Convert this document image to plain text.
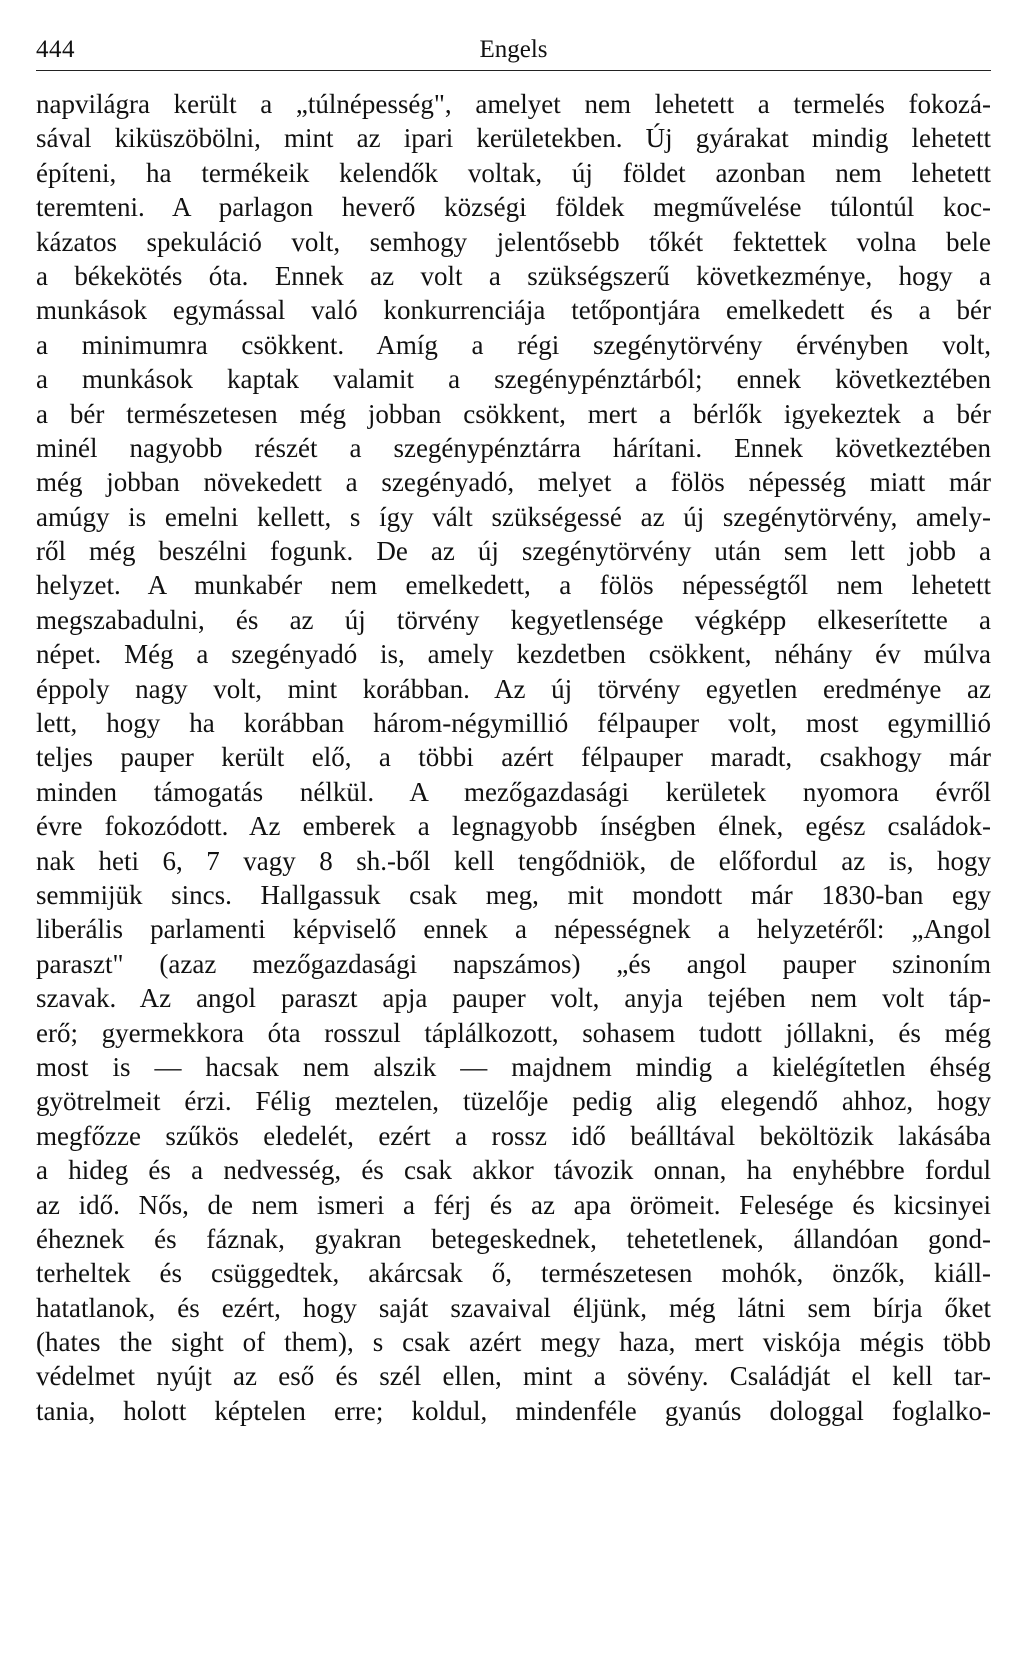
444	Engels
napvilágra került a „túlnépesség", amelyet nem lehetett a termelés fokozá-
sával kiküszöbölni, mint az ipari kerületekben. Új gyárakat mindig lehetett
építeni, ha termékeik kelendők voltak, új földet azonban nem lehetett
teremteni. A parlagon heverő községi földek megművelése túlontúl koc-
kázatos spekuláció volt, semhogy jelentősebb tőkét fektettek volna bele
a békekötés óta. Ennek az volt a szükségszerű következménye, hogy a
munkások egymással való konkurrenciája tetőpontjára emelkedett és a bér
a minimumra csökkent. Amíg a régi szegénytörvény érvényben volt,
a munkások kaptak valamit a szegénypénztárból; ennek következtében
a bér természetesen még jobban csökkent, mert a bérlők igyekeztek a bér
minél nagyobb részét a szegénypénztárra hárítani. Ennek következtében
még jobban növekedett a szegényadó, melyet a fölös népesség miatt már
amúgy is emelni kellett, s így vált szükségessé az új szegénytörvény, amely-
ről még beszélni fogunk. De az új szegénytörvény után sem lett jobb a
helyzet. A munkabér nem emelkedett, a fölös népességtől nem lehetett
megszabadulni, és az új törvény kegyetlensége végképp elkeserítette a
népet. Még a szegényadó is, amely kezdetben csökkent, néhány év múlva
éppoly nagy volt, mint korábban. Az új törvény egyetlen eredménye az
lett, hogy ha korábban három-négymillió félpauper volt, most egymillió
teljes pauper került elő, a többi azért félpauper maradt, csakhogy már
minden támogatás nélkül. A mezőgazdasági kerületek nyomora évről
évre fokozódott. Az emberek a legnagyobb ínségben élnek, egész családok-
nak heti 6, 7 vagy 8 sh.-ből kell tengődniök, de előfordul az is, hogy
semmijük sincs. Hallgassuk csak meg, mit mondott már 1830-ban egy
liberális parlamenti képviselő ennek a népességnek a helyzetéről: „Angol
paraszt" (azaz mezőgazdasági napszámos) „és angol pauper szinoním
szavak. Az angol paraszt apja pauper volt, anyja tejében nem volt táp-
erő; gyermekkora óta rosszul táplálkozott, sohasem tudott jóllakni, és még
most is — hacsak nem alszik — majdnem mindig a kielégítetlen éhség
gyötrelmeit érzi. Félig meztelen, tüzelője pedig alig elegendő ahhoz, hogy
megfőzze szűkös eledelét, ezért a rossz idő beálltával beköltözik lakásába
a hideg és a nedvesség, és csak akkor távozik onnan, ha enyhébbre fordul
az idő. Nős, de nem ismeri a férj és az apa örömeit. Felesége és kicsinyei
éheznek és fáznak, gyakran betegeskednek, tehetetlenek, állandóan gond-
terheltek és csüggedtek, akárcsak ő, természetesen mohók, önzők, kiáll-
hatatlanok, és ezért, hogy saját szavaival éljünk, még látni sem bírja őket
(hates the sight of them), s csak azért megy haza, mert viskója mégis több
védelmet nyújt az eső és szél ellen, mint a sövény. Családját el kell tar-
tania, holott képtelen erre; koldul, mindenféle gyanús dologgal foglalko-
